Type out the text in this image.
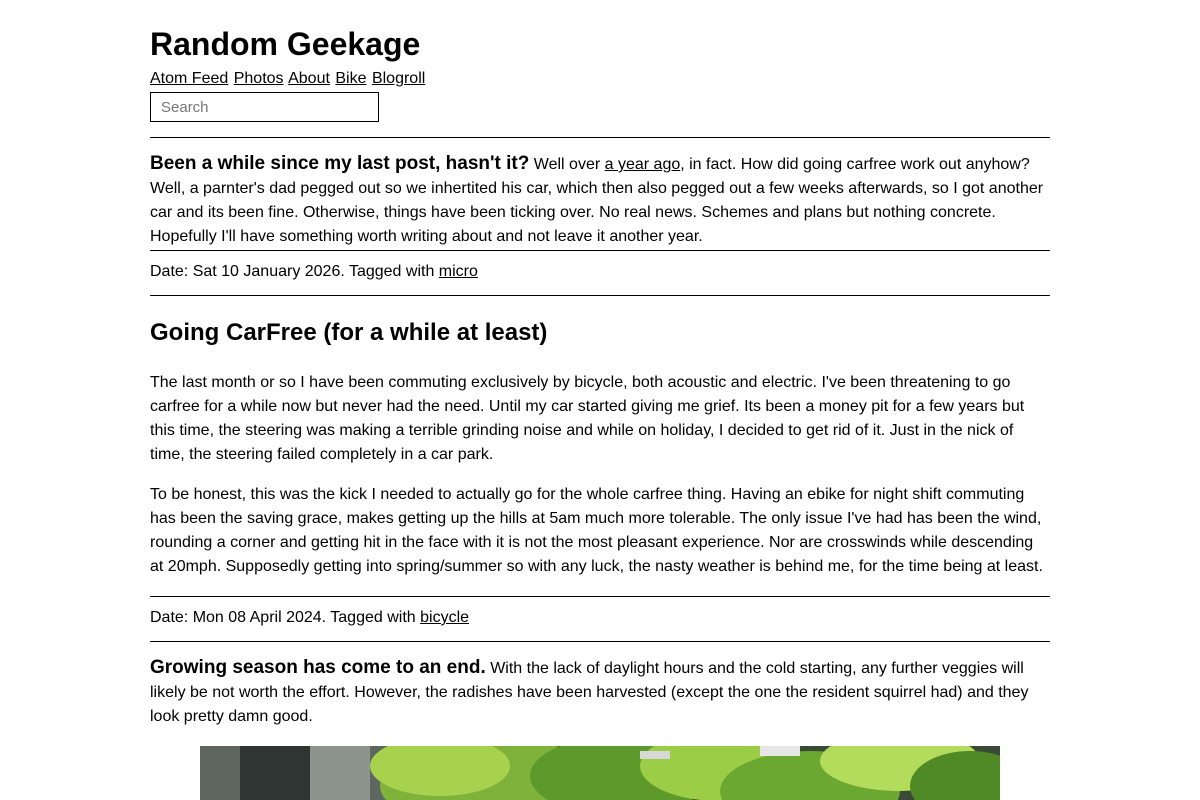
Random Geekage
Atom Feed Photos About Bike Blogroll
Search

Been a while since my last post, hasn't it? Well over a year ago, in fact. How did going carfree work out anyhow? Well, a parnter's dad pegged out so we inhertited his car, which then also pegged out a few weeks afterwards, so I got another car and its been fine. Otherwise, things have been ticking over. No real news. Schemes and plans but nothing concrete. Hopefully I'll have something worth writing about and not leave it another year.

Date: Sat 10 January 2026. Tagged with micro
Going CarFree (for a while at least)

The last month or so I have been commuting exclusively by bicycle, both acoustic and electric. I've been threatening to go carfree for a while now but never had the need. Until my car started giving me grief. Its been a money pit for a few years but this time, the steering was making a terrible grinding noise and while on holiday, I decided to get rid of it. Just in the nick of time, the steering failed completely in a car park.

To be honest, this was the kick I needed to actually go for the whole carfree thing. Having an ebike for night shift commuting has been the saving grace, makes getting up the hills at 5am much more tolerable. The only issue I've had has been the wind, rounding a corner and getting hit in the face with it is not the most pleasant experience. Nor are crosswinds while descending at 20mph. Supposedly getting into spring/summer so with any luck, the nasty weather is behind me, for the time being at least.

Date: Mon 08 April 2024. Tagged with bicycle

Growing season has come to an end. With the lack of daylight hours and the cold starting, any further veggies will likely be not worth the effort. However, the radishes have been harvested (except the one the resident squirrel had) and they look pretty damn good.
